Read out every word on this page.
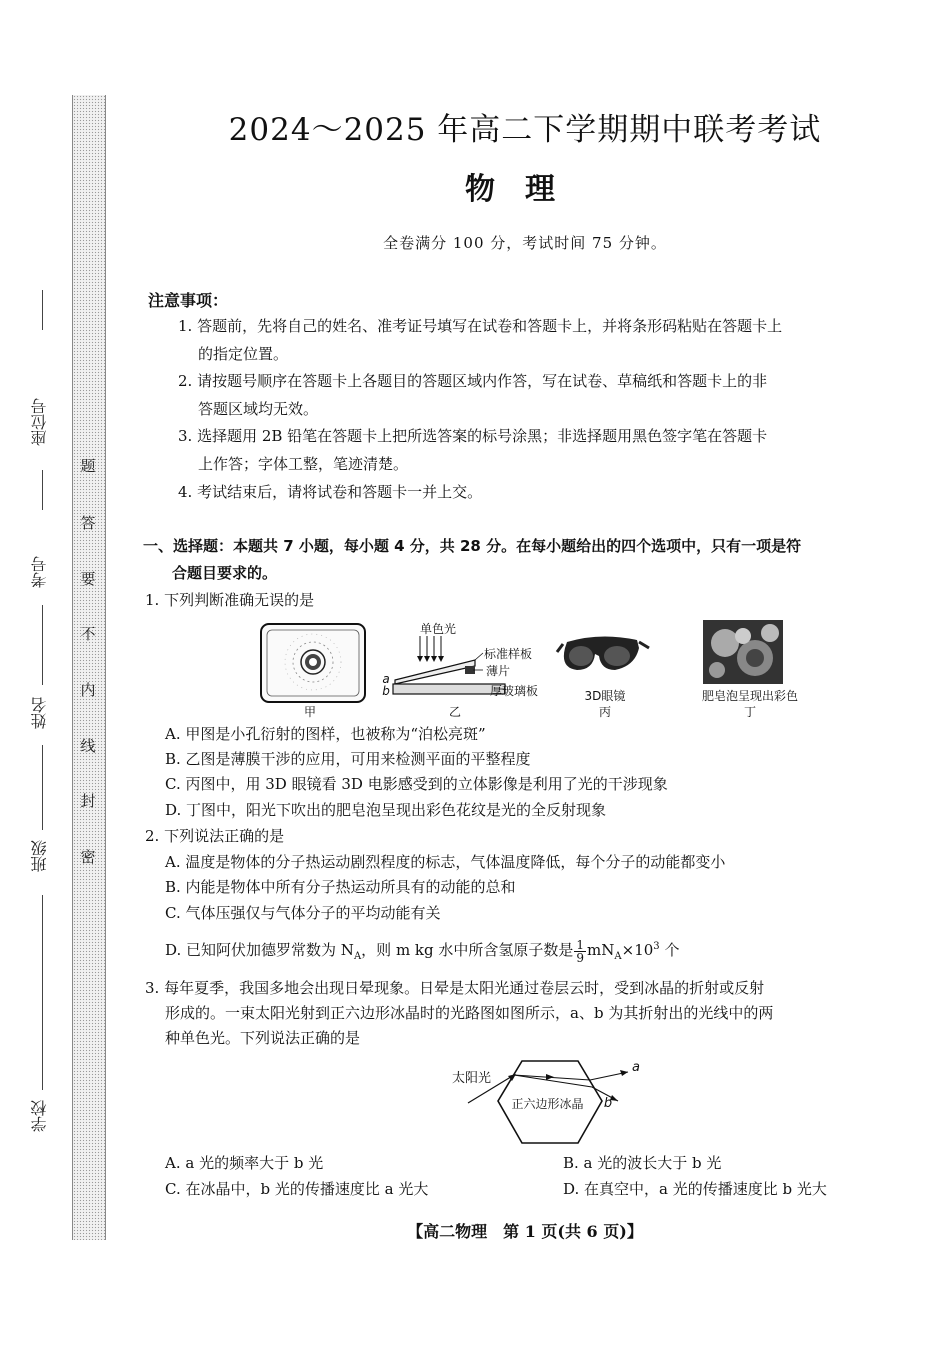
题
答
要
不
内
线
封
密
座位号
考号
姓名
班级
学校
2024～2025 年高二下学期期中联考考试
物理
全卷满分 100 分，考试时间 75 分钟。
注意事项：
1. 答题前，先将自己的姓名、准考证号填写在试卷和答题卡上，并将条形码粘贴在答题卡上
的指定位置。
2. 请按题号顺序在答题卡上各题目的答题区域内作答，写在试卷、草稿纸和答题卡上的非
答题区域均无效。
3. 选择题用 2B 铅笔在答题卡上把所选答案的标号涂黑；非选择题用黑色签字笔在答题卡
上作答；字体工整，笔迹清楚。
4. 考试结束后，请将试卷和答题卡一并上交。
一、选择题：本题共 7 小题，每小题 4 分，共 28 分。在每小题给出的四个选项中，只有一项是符
合题目要求的。
1. 下列判断准确无误的是
甲
单色光
标准样板
薄片
厚玻璃板
a
b
乙
3D眼镜
丙
肥皂泡呈现出彩色
丁
A. 甲图是小孔衍射的图样，也被称为“泊松亮斑”
B. 乙图是薄膜干涉的应用，可用来检测平面的平整程度
C. 丙图中，用 3D 眼镜看 3D 电影感受到的立体影像是利用了光的干涉现象
D. 丁图中，阳光下吹出的肥皂泡呈现出彩色花纹是光的全反射现象
2. 下列说法正确的是
A. 温度是物体的分子热运动剧烈程度的标志，气体温度降低，每个分子的动能都变小
B. 内能是物体中所有分子热运动所具有的动能的总和
C. 气体压强仅与气体分子的平均动能有关
D. 已知阿伏加德罗常数为 $N_A$，则 m kg 水中所含氢原子数是 $\frac{1}{9} mN_A\times 10^3$ 个
3. 每年夏季，我国多地会出现日晕现象。日晕是太阳光通过卷层云时，受到冰晶的折射或反射
形成的。一束太阳光射到正六边形冰晶时的光路图如图所示，a、b 为其折射出的光线中的两
种单色光。下列说法正确的是
太阳光
正六边形冰晶
a
b
A. a 光的频率大于 b 光	B. a 光的波长大于 b 光
C. 在冰晶中，b 光的传播速度比 a 光大	D. 在真空中，a 光的传播速度比 b 光大
【高二物理　第 1 页(共 6 页)】
